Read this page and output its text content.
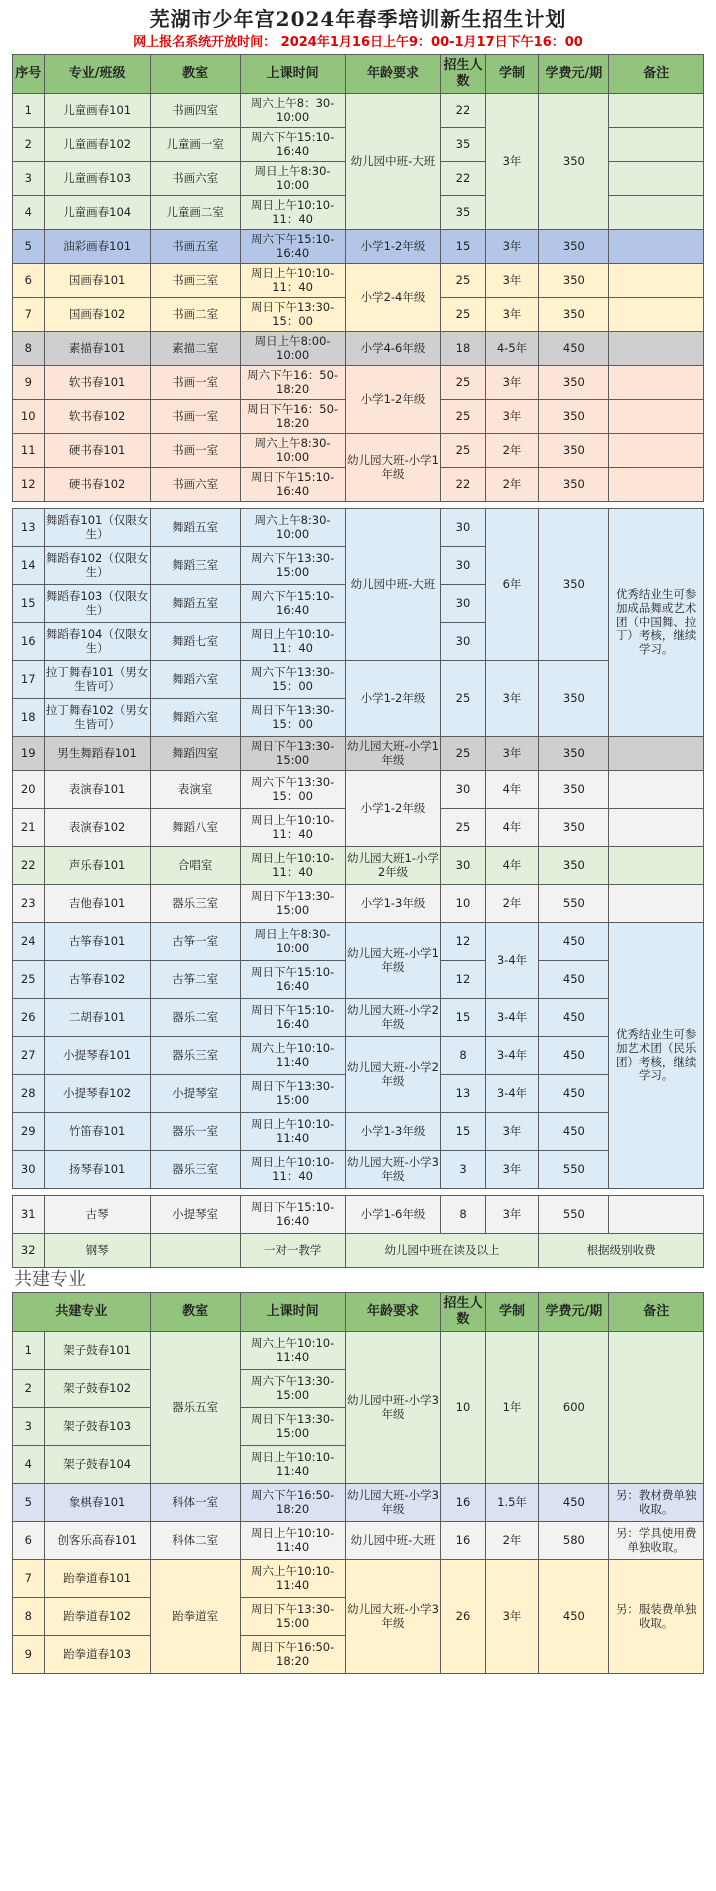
芜湖市少年宫2024年春季培训新生招生计划
网上报名系统开放时间： 2024年1月16日上午9：00-1月17日下午16：00
序号	专业/班级	教室	上课时间	年龄要求	招生人数	学制	学费元/期	备注
1	儿童画春101	书画四室	周六上午8：30-10:00	幼儿园中班-大班	22	3年	350	
2	儿童画春102	儿童画一室	周六下午15:10-16:40		35			
3	儿童画春103	书画六室	周日上午8:30-10:00		22			
4	儿童画春104	儿童画二室	周日上午10:10-11：40		35			
5	油彩画春101	书画五室	周六下午15:10-16:40	小学1-2年级	15	3年	350	
6	国画春101	书画三室	周日上午10:10-11：40	小学2-4年级	25	3年	350	
7	国画春102	书画二室	周日下午13:30-15：00		25	3年	350	
8	素描春101	素描二室	周日上午8:00-10:00	小学4-6年级	18	4-5年	450	
9	软书春101	书画一室	周六下午16：50-18:20	小学1-2年级	25	3年	350	
10	软书春102	书画一室	周日下午16：50-18:20		25	3年	350	
11	硬书春101	书画一室	周六上午8:30-10:00	幼儿园大班-小学1年级	25	2年	350	
12	硬书春102	书画六室	周日下午15:10-16:40		22	2年	350	
13	舞蹈春101（仅限女生）	舞蹈五室	周六上午8:30-10:00	幼儿园中班-大班	30	6年	350	优秀结业生可参加成品舞或艺术团（中国舞、拉丁）考核，继续学习。
14	舞蹈春102（仅限女生）	舞蹈三室	周六下午13:30-15:00		30			
15	舞蹈春103（仅限女生）	舞蹈五室	周六下午15:10-16:40		30			
16	舞蹈春104（仅限女生）	舞蹈七室	周日上午10:10-11：40		30			
17	拉丁舞春101（男女生皆可）	舞蹈六室	周六下午13:30-15：00	小学1-2年级	25	3年	350	
18	拉丁舞春102（男女生皆可）	舞蹈六室	周日下午13:30-15：00					
19	男生舞蹈春101	舞蹈四室	周日下午13:30-15:00	幼儿园大班-小学1年级	25	3年	350	
20	表演春101	表演室	周六下午13:30-15：00	小学1-2年级	30	4年	350	
21	表演春102	舞蹈八室	周日上午10:10-11：40		25	4年	350	
22	声乐春101	合唱室	周日上午10:10-11：40	幼儿园大班1-小学2年级	30	4年	350	
23	吉他春101	器乐三室	周日下午13:30-15:00	小学1-3年级	10	2年	550	
24	古筝春101	古筝一室	周日上午8:30-10:00	幼儿园大班-小学1年级	12	3-4年	450	优秀结业生可参加艺术团（民乐团）考核，继续学习。
25	古筝春102	古筝二室	周日下午15:10-16:40		12		450	
26	二胡春101	器乐二室	周日下午15:10-16:40	幼儿园大班-小学2年级	15	3-4年	450	
27	小提琴春101	器乐三室	周六上午10:10-11:40	幼儿园大班-小学2年级	8	3-4年	450	
28	小提琴春102	小提琴室	周日下午13:30-15:00		13	3-4年	450	
29	竹笛春101	器乐一室	周日上午10:10-11:40	小学1-3年级	15	3年	450	
30	扬琴春101	器乐三室	周日上午10:10-11：40	幼儿园大班-小学3年级	3	3年	550	
31	古琴	小提琴室	周日下午15:10-16:40	小学1-6年级	8	3年	550	
32	钢琴		一对一教学	幼儿园中班在读及以上			根据级别收费	
共建专业
共建专业		教室	上课时间	年龄要求	招生人数	学制	学费元/期	备注
1	架子鼓春101	器乐五室	周六上午10:10-11:40	幼儿园中班-小学3年级	10	1年	600	
2	架子鼓春102		周六下午13:30-15:00					
3	架子鼓春103		周日下午13:30-15:00					
4	架子鼓春104		周日上午10:10-11:40					
5	象棋春101	科体一室	周六下午16:50-18:20	幼儿园大班-小学3年级	16	1.5年	450	另：教材费单独收取。
6	创客乐高春101	科体二室	周日上午10:10-11:40	幼儿园中班-大班	16	2年	580	另：学具使用费单独收取。
7	跆拳道春101	跆拳道室	周六上午10:10-11:40	幼儿园大班-小学3年级	26	3年	450	另：服装费单独收取。
8	跆拳道春102		周日下午13:30-15:00					
9	跆拳道春103		周日下午16:50-18:20					
